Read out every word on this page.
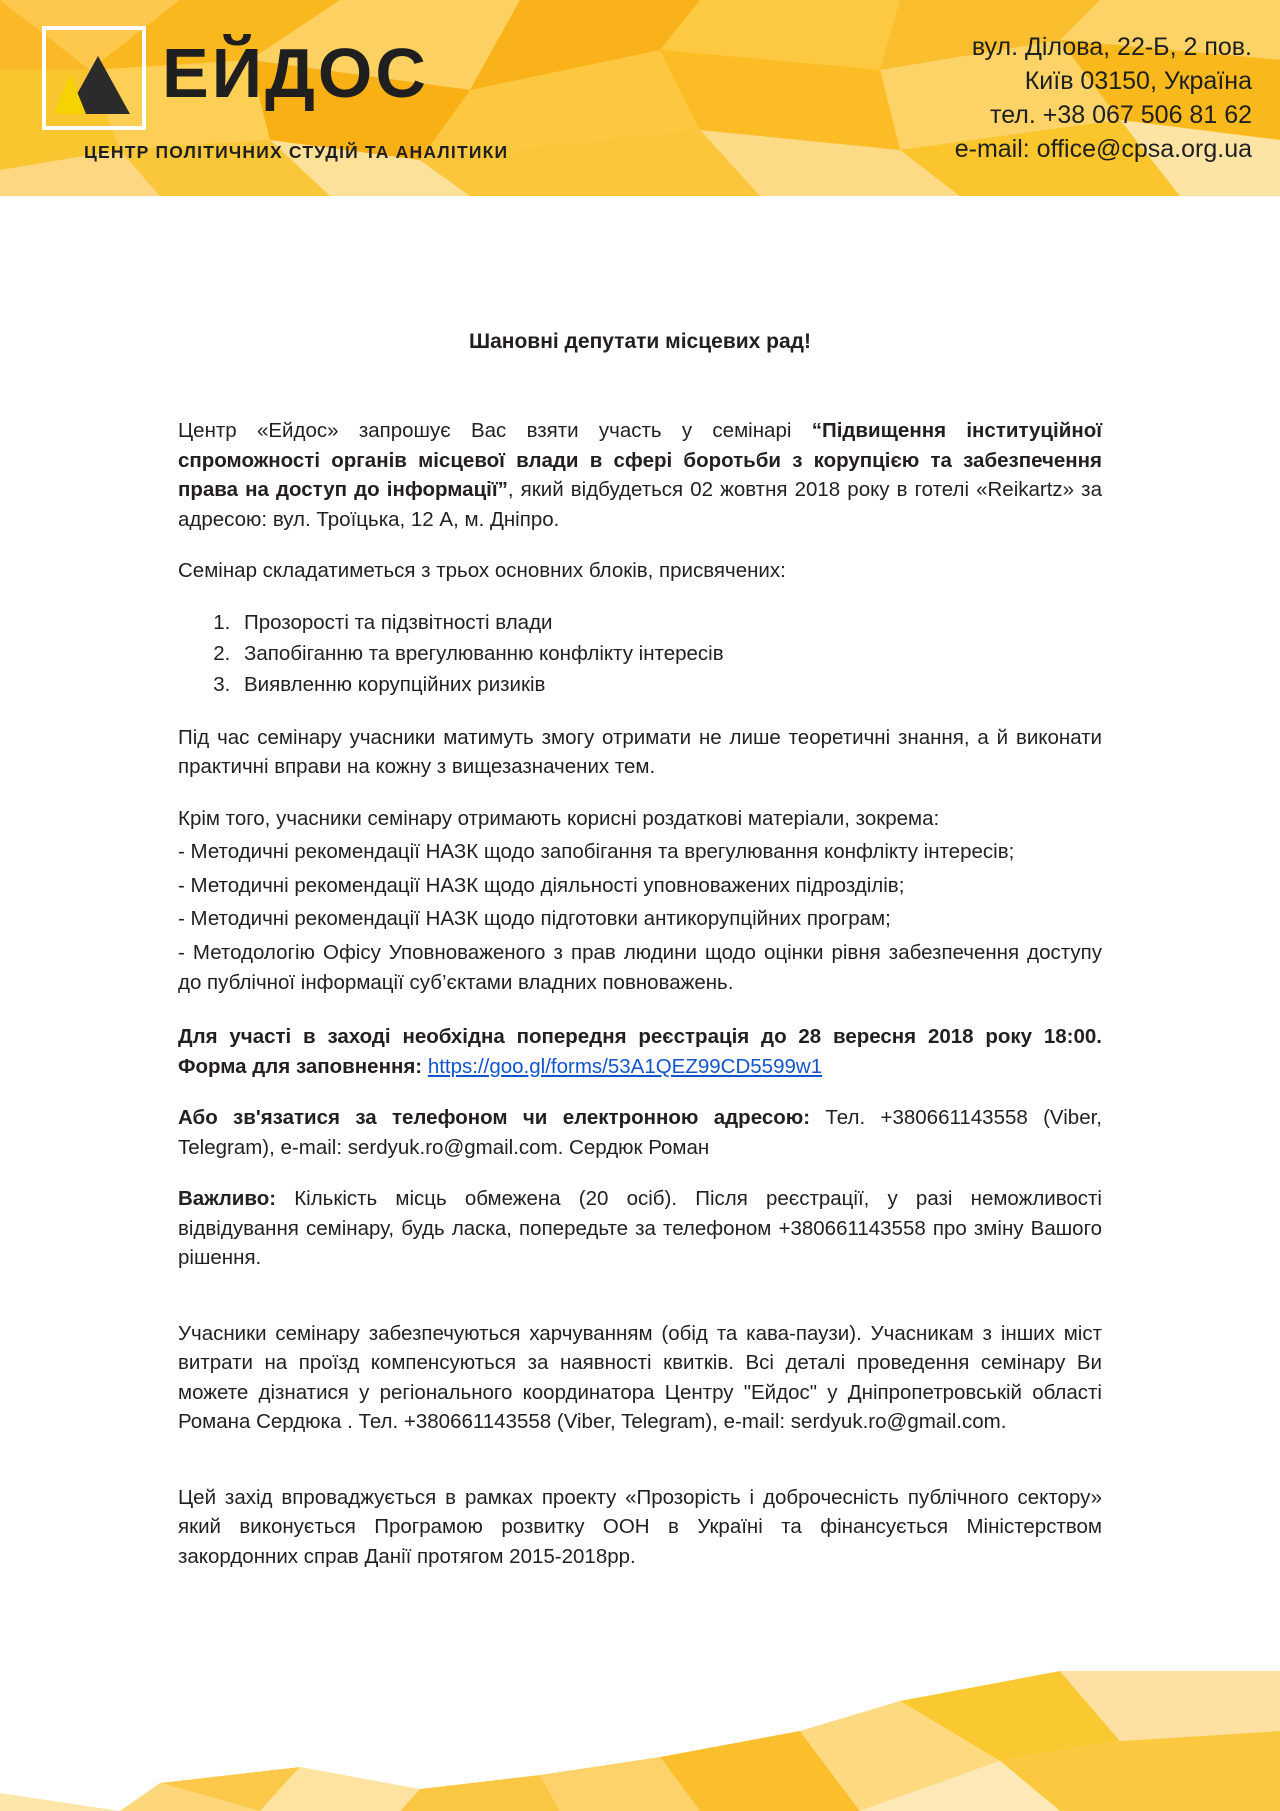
ЕЙДОС
ЦЕНТР ПОЛІТИЧНИХ СТУДІЙ ТА АНАЛІТИКИ
вул. Ділова, 22-Б, 2 пов.
Київ 03150, Україна
тел. +38 067 506 81 62
e-mail: office@cpsa.org.ua
Шановні депутати місцевих рад!

Центр «Ейдос» запрошує Вас взяти участь у семінарі “Підвищення інституційної спроможності органів місцевої влади в сфері боротьби з корупцією та забезпечення права на доступ до інформації”, який відбудеться 02 жовтня 2018 року в готелі «Reikartz» за адресою: вул. Троїцька, 12 А, м. Дніпро.

Семінар складатиметься з трьох основних блоків, присвячених:

1. Прозорості та підзвітності влади
2. Запобіганню та врегулюванню конфлікту інтересів
3. Виявленню корупційних ризиків

Під час семінару учасники матимуть змогу отримати не лише теоретичні знання, а й виконати практичні вправи на кожну з вищезазначених тем.

Крім того, учасники семінару отримають корисні роздаткові матеріали, зокрема:

- Методичні рекомендації НАЗК щодо запобігання та врегулювання конфлікту інтересів;

- Методичні рекомендації НАЗК щодо діяльності уповноважених підрозділів;

- Методичні рекомендації НАЗК щодо підготовки антикорупційних програм;

- Методологію Офісу Уповноваженого з прав людини щодо оцінки рівня забезпечення доступу до публічної інформації суб’єктами владних повноважень.

Для участі в заході необхідна попередня реєстрація до 28 вересня 2018 року 18:00. Форма для заповнення: https://goo.gl/forms/53A1QEZ99CD5599w1

Або зв'язатися за телефоном чи електронною адресою: Тел. +380661143558 (Viber, Telegram), e-mail: serdyuk.ro@gmail.com. Сердюк Роман

Важливо: Кількість місць обмежена (20 осіб). Після реєстрації, у разі неможливості відвідування семінару, будь ласка, попередьте за телефоном +380661143558 про зміну Вашого рішення.

Учасники семінару забезпечуються харчуванням (обід та кава-паузи). Учасникам з інших міст витрати на проїзд компенсуються за наявності квитків. Всі деталі проведення семінару Ви можете дізнатися у регіонального координатора Центру "Ейдос" у Дніпропетровській області Романа Сердюка . Тел. +380661143558 (Viber, Telegram), e-mail: serdyuk.ro@gmail.com.

Цей захід впроваджується в рамках проекту «Прозорість і доброчесність публічного сектору» який виконується Програмою розвитку ООН в Україні та фінансується Міністерством закордонних справ Данії протягом 2015-2018рр.
